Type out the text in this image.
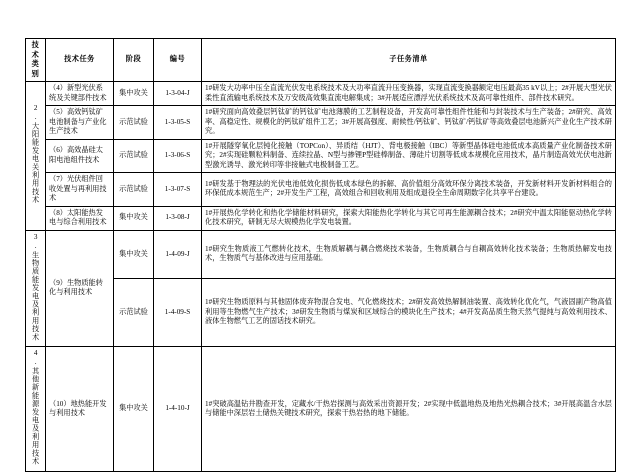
技术类别	技术任务	阶段	编号	子任务清单
2.大阳能发电关利用技术	（4）新型光伏系统及关键部件技术	集中攻关	1-3-04-J	1#研发大功率中压全直流光伏发电系统技术及大功率直流升压变换器，实现直流变换器额定电压最高35 kV以上；2#开展大型光伏柔性直流输电系统技术及万安级高效集直流电解集成；3#开展适应漂浮光伏系统技术及高可靠性组件、部件技术研究。
	（5）高效钙钛矿电池制备与产业化生产技术	示范试验	1-3-05-S	1#研究面向高效叠层钙钛矿的钙钛矿电池薄膜的工艺制程设备，开发高可靠性组件性能和与封装技术与生产装备；2#研究、高效率、高稳定性、规模化的钙钛矿组件工艺；3#开展高强度、耐候性/钙钛矿、钙钛矿/钙钛矿等高效叠层电池新兴产业化生产技术研究。
	（6）高效晶硅太阳电池组件技术	示范试验	1-3-06-S	1#开展隧穿氧化层钝化接触（TOPCon）、异质结（HJT）、背电极接触（IBC）等新型晶体硅电池低成本高质量产业化制备技术研究；2#实现硅颗粒料制备、连续拉晶、N型与掺锂P型硅棒制备、薄硅片切割等低成本规模化应用技术，晶片制造高效光伏电池新型激光诱导、激光转印等非接触式电极制备工艺。
	（7）光伏组件回收处置与再利用技术	示范试验	1-3-07-S	1#研发基于物理法的光伏电池低效化损伤低成本绿色的拆解、高价值组分高效环保分离技术装备，开发新材料开发新材料组合的环保低成本规范生产；2#开发生产工程，高效组合和回收利用及组成退役全生命周期数字化共享平台建设。
	（8）太阳能热发电与综合利用技术	集中攻关	1-3-08-J	1#开展热化学转化和热化学储能材料研究，探索大阳能热化学转化与其它可再生能源耦合技术；2#研究中温太阳能驱动热化学转化技术研究，研制无尽大规模热化学发电装置。
3.生物质能发电及利用技术	（9）生物质能转化与利用技术	集中攻关	1-4-09-J	1#研究生物质液工气燃转化技术，生物质解耦与耦合燃烧技术装备，生物质耦合与自耦高效转化技术装备；生物质热解发电技术，生物质气与基体改进与应用基础。
		示范试验	1-4-09-S	1#研究生物质原料与其他固体废弃物混合发电、气化燃烧技术；2#研发高效热解制油装置、高效转化优化气，气液固副产物高值利用等生物燃气生产技术；3#研发生物质与煤炭和区域综合的模块化生产技术；4#开发高品质生物天然气提纯与高效利用技术、液体生物燃气工艺的固话技术研究。
4.其他新能源发电及利用技术	（10）地热能开发与利用技术	集中攻关	1-4-10-J	1#突破高温钻井勘查开发，定藏水/干热岩探测与高效采出资源开发；2#实现中低温地热及地热光热耦合技术；3#开展高温含水层与储能中深层岩土储热关键技术研究，探索干热岩热的地下储能。
